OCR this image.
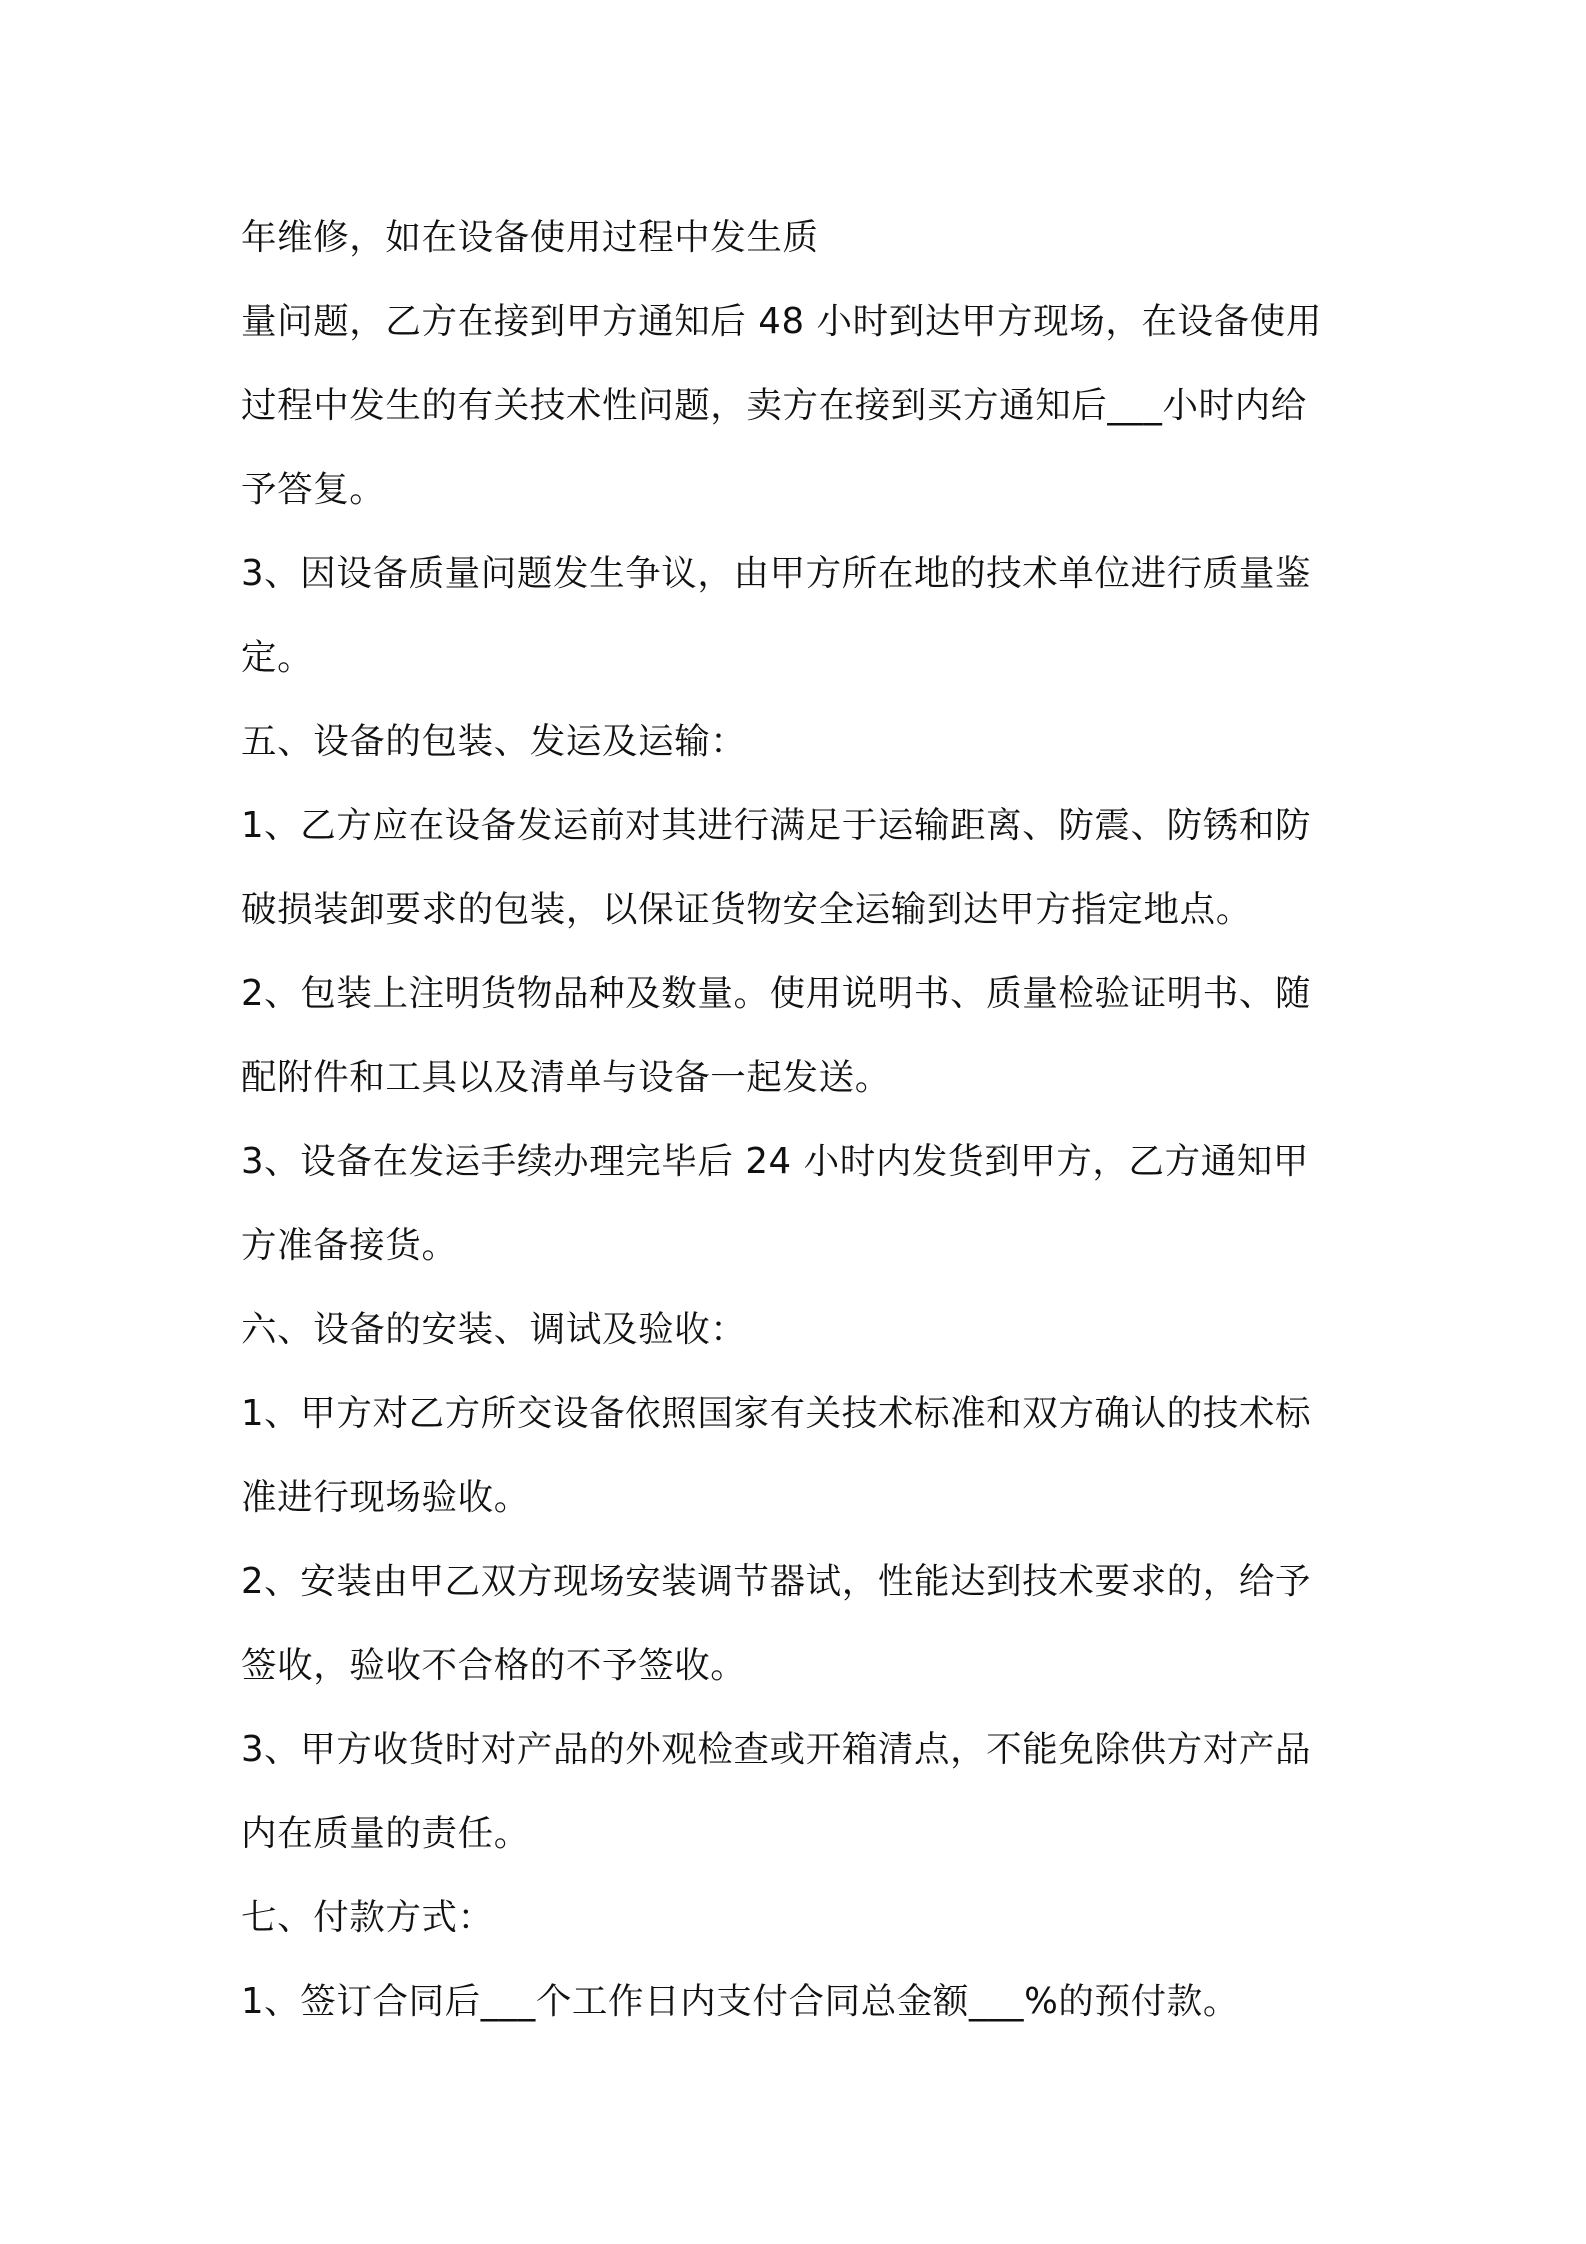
年维修，如在设备使用过程中发生质
量问题，乙方在接到甲方通知后 48 小时到达甲方现场，在设备使用
过程中发生的有关技术性问题，卖方在接到买方通知后___小时内给
予答复。
3、因设备质量问题发生争议，由甲方所在地的技术单位进行质量鉴
定。
五、设备的包装、发运及运输：
1、乙方应在设备发运前对其进行满足于运输距离、防震、防锈和防
破损装卸要求的包装，以保证货物安全运输到达甲方指定地点。
2、包装上注明货物品种及数量。使用说明书、质量检验证明书、随
配附件和工具以及清单与设备一起发送。
3、设备在发运手续办理完毕后 24 小时内发货到甲方，乙方通知甲
方准备接货。
六、设备的安装、调试及验收：
1、甲方对乙方所交设备依照国家有关技术标准和双方确认的技术标
准进行现场验收。
2、安装由甲乙双方现场安装调节器试，性能达到技术要求的，给予
签收，验收不合格的不予签收。
3、甲方收货时对产品的外观检查或开箱清点，不能免除供方对产品
内在质量的责任。
七、付款方式：
1、签订合同后___个工作日内支付合同总金额___%的预付款。
